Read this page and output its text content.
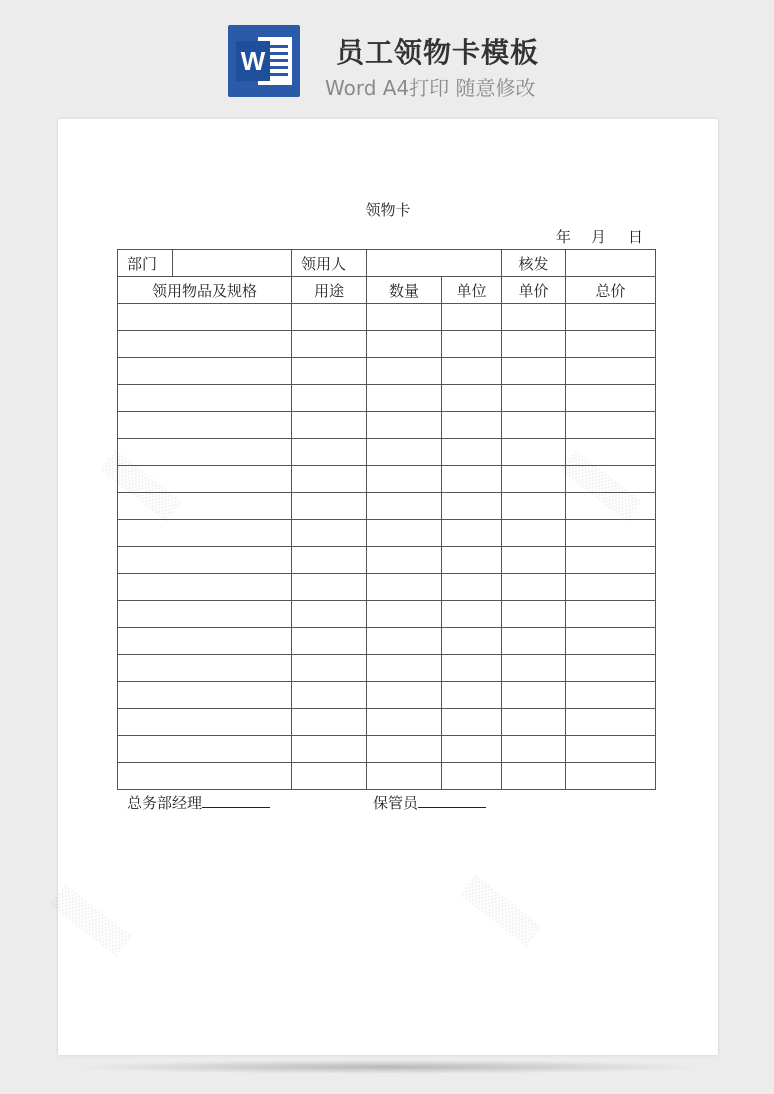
W	员工领物卡模板
Word A4打印 随意修改
领物卡
年 月 日
部门		领用人			核发	
领用物品及规格		用途	数量	单位	单价	总价

总务部经理	保管员
